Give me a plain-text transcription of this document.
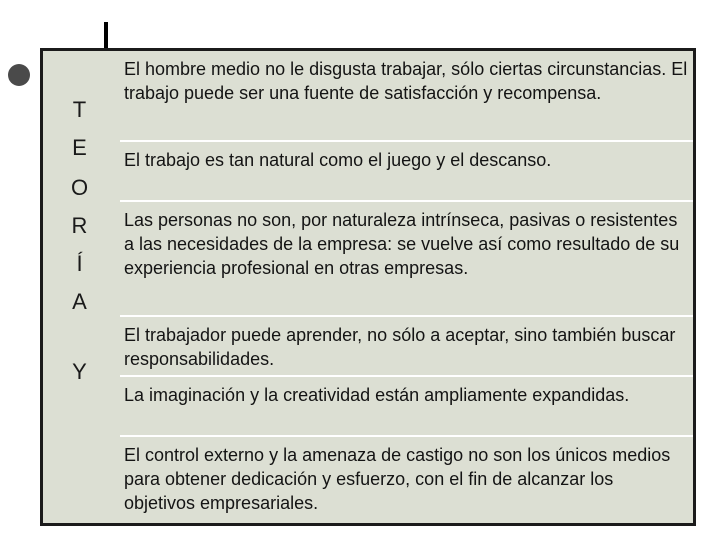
T
E
O
R
Í
A
Y
El hombre medio no le disgusta trabajar, sólo ciertas circunstancias. El trabajo puede ser una fuente de satisfacción y recompensa.
El trabajo es tan natural como el juego y el descanso.
Las personas no son, por naturaleza intrínseca, pasivas o resistentes a las necesidades de la empresa: se vuelve así como resultado de su experiencia profesional en otras empresas.
El trabajador puede aprender, no sólo a aceptar, sino también buscar responsabilidades.
La imaginación y la creatividad están ampliamente expandidas.
El control externo y la amenaza de castigo no son los únicos medios para obtener dedicación y esfuerzo, con el fin de alcanzar los objetivos empresariales.
